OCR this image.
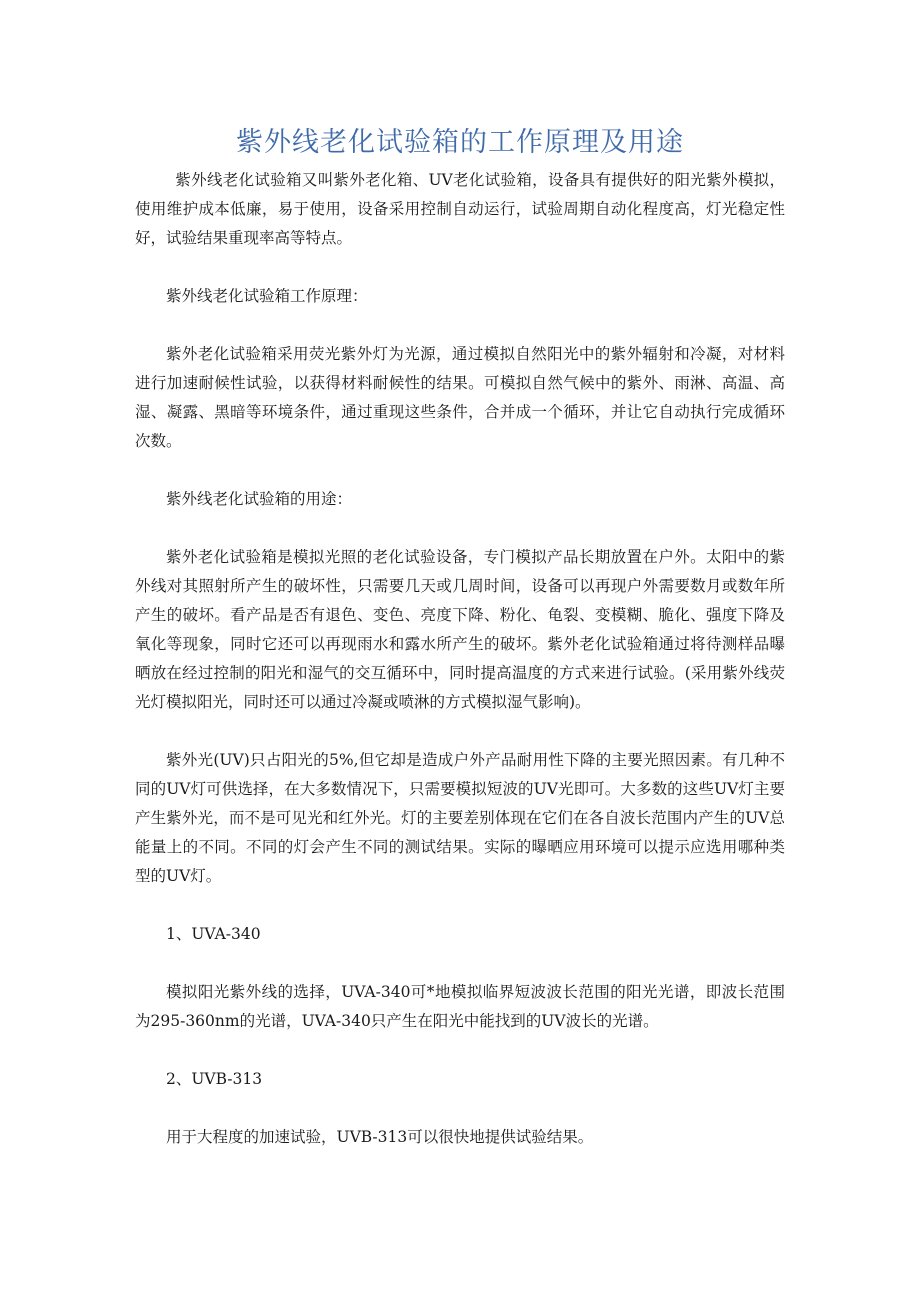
紫外线老化试验箱的工作原理及用途

紫外线老化试验箱又叫紫外老化箱、UV老化试验箱，设备具有提供好的阳光紫外模拟，使用维护成本低廉，易于使用，设备采用控制自动运行，试验周期自动化程度高，灯光稳定性好，试验结果重现率高等特点。

紫外线老化试验箱工作原理：

紫外老化试验箱采用荧光紫外灯为光源，通过模拟自然阳光中的紫外辐射和冷凝，对材料进行加速耐候性试验，以获得材料耐候性的结果。可模拟自然气候中的紫外、雨淋、高温、高湿、凝露、黑暗等环境条件，通过重现这些条件，合并成一个循环，并让它自动执行完成循环次数。

紫外线老化试验箱的用途：

紫外老化试验箱是模拟光照的老化试验设备，专门模拟产品长期放置在户外。太阳中的紫外线对其照射所产生的破坏性，只需要几天或几周时间，设备可以再现户外需要数月或数年所产生的破坏。看产品是否有退色、变色、亮度下降、粉化、龟裂、变模糊、脆化、强度下降及氧化等现象，同时它还可以再现雨水和露水所产生的破坏。紫外老化试验箱通过将待测样品曝晒放在经过控制的阳光和湿气的交互循环中，同时提高温度的方式来进行试验。(采用紫外线荧光灯模拟阳光，同时还可以通过冷凝或喷淋的方式模拟湿气影响)。

紫外光(UV)只占阳光的5%,但它却是造成户外产品耐用性下降的主要光照因素。有几种不同的UV灯可供选择，在大多数情况下，只需要模拟短波的UV光即可。大多数的这些UV灯主要产生紫外光，而不是可见光和红外光。灯的主要差别体现在它们在各自波长范围内产生的UV总能量上的不同。不同的灯会产生不同的测试结果。实际的曝晒应用环境可以提示应选用哪种类型的UV灯。

1、UVA-340

模拟阳光紫外线的选择，UVA-340可*地模拟临界短波波长范围的阳光光谱，即波长范围为295-360nm的光谱，UVA-340只产生在阳光中能找到的UV波长的光谱。

2、UVB-313

用于大程度的加速试验，UVB-313可以很快地提供试验结果。
